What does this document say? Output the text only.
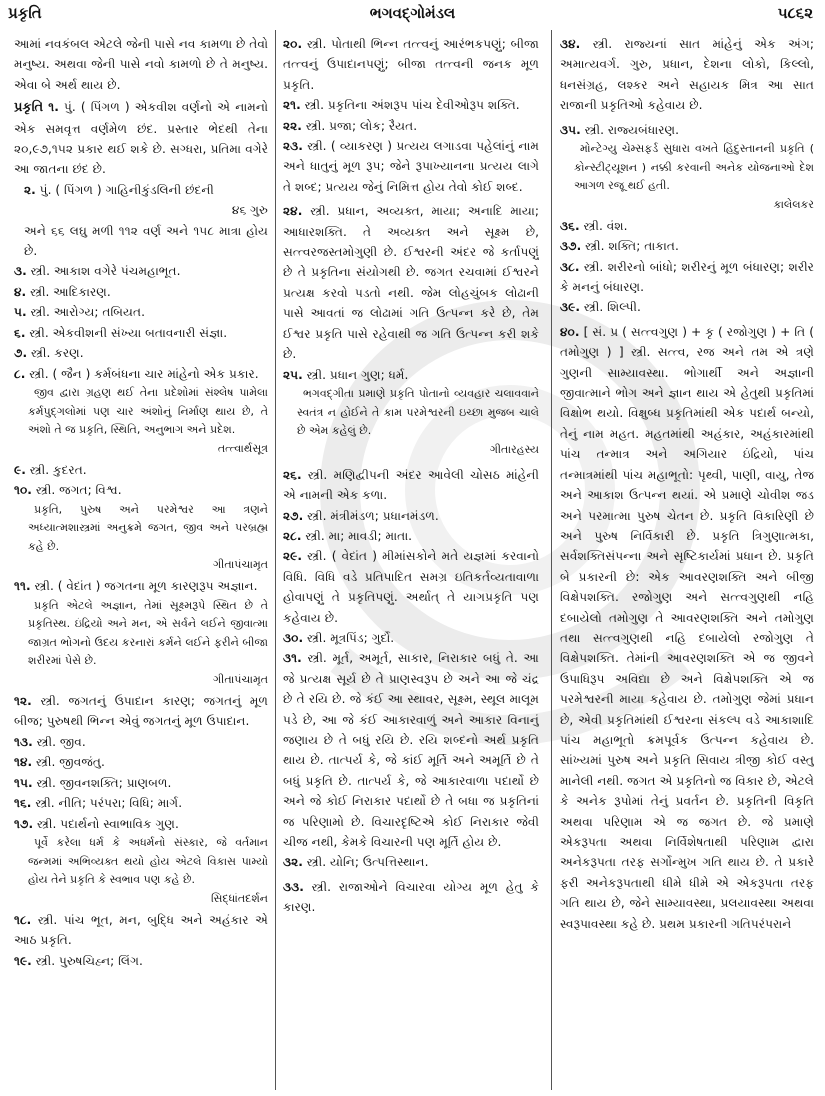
પ્રકૃતિ	ભગવદ્ગોમંડલ	૫૮૬૨

આમાં નવકંબલ એટલે જેની પાસે નવ કામળા છે તેવો મનુષ્ય. અથવા જેની પાસે નવો કામળો છે તે મનુષ્ય. એવા બે અર્થ થાય છે.

પ્રકૃતિ ૧. પું. ( પિંગળ ) એકવીશ વર્ણનો એ નામનો એક સમવૃત્ત વર્ણમેળ છંદ. પ્રસ્તાર ભેદથી તેના ૨૦,૯૭,૧૫૨ પ્રકાર થઈ શકે છે. સગ્ધરા, પ્રતિમા વગેરે આ જાતના છંદ છે.

૨. પું. ( પિંગળ ) ગાહિનીકુંડલિની છંદની
૪૬ ગુરુ
અને ૬૬ લઘુ મળી ૧૧૨ વર્ણ અને ૧૫૮ માત્રા હોય છે.

૩. સ્ત્રી. આકાશ વગેરે પંચમહાભૂત.

૪. સ્ત્રી. આદિકારણ.

૫. સ્ત્રી. આરોગ્ય; તબિયત.

૬. સ્ત્રી. એકવીશની સંખ્યા બતાવનારી સંજ્ઞા.

૭. સ્ત્રી. કરણ.

૮. સ્ત્રી. ( જૈન ) કર્મબંધના ચાર માંહેનો એક પ્રકાર.

જીવ દ્વારા ગ્રહણ થઈ તેના પ્રદેશોમાં સંશ્લેષ પામેલા કર્મપુદ્ગલોમાં પણ ચાર અંશોનું નિર્માણ થાય છે, તે અંશો તે જ પ્રકૃતિ, સ્થિતિ, અનુભાગ અને પ્રદેશ.

તત્ત્વાર્થસૂત્ર

૯. સ્ત્રી. કુદરત.

૧૦. સ્ત્રી. જગત; વિશ્વ.

પ્રકૃતિ, પુરુષ અને પરમેશ્વર આ ત્રણને અધ્યાત્મશાસ્ત્રમાં અનુક્રમે જગત, જીવ અને પરબ્રહ્મ કહે છે.

ગીતાપંચામૃત

૧૧. સ્ત્રી. ( વેદાંત ) જગતના મૂળ કારણરૂપ અજ્ઞાન.

પ્રકૃતિ એટલે અજ્ઞાન, તેમાં સૂક્ષ્મરૂપે સ્થિત છે તે પ્રકૃતિસ્થ. ઇંદ્રિયો અને મન, એ સર્વને લઈને જીવાત્મા જાગ્રત ભોગનો ઉદય કરનારાં કર્મને લઈને ફરીને બીજા શરીરમાં પેસે છે.

ગીતાપંચામૃત

૧૨. સ્ત્રી. જગતનું ઉપાદાન કારણ; જગતનું મૂળ બીજ; પુરુષથી ભિન્ન એવું જગતનું મૂળ ઉપાદાન.

૧૩. સ્ત્રી. જીવ.

૧૪. સ્ત્રી. જીવજંતુ.

૧૫. સ્ત્રી. જીવનશક્તિ; પ્રાણબળ.

૧૬. સ્ત્રી. નીતિ; પરંપરા; વિધિ; માર્ગ.

૧૭. સ્ત્રી. પદાર્થનો સ્વાભાવિક ગુણ.

પૂર્વે કરેલા ધર્મ કે અધર્મનો સંસ્કાર, જે વર્તમાન જન્મમાં અભિવ્યક્ત થયો હોય એટલે વિકાસ પામ્યો હોય તેને પ્રકૃતિ કે સ્વભાવ પણ કહે છે.

સિદ્ધાંતદર્શન

૧૮. સ્ત્રી. પાંચ ભૂત, મન, બુદ્ધિ અને અહંકાર એ આઠ પ્રકૃતિ.

૧૯. સ્ત્રી. પુરુષચિહ્ન; લિંગ.

૨૦. સ્ત્રી. પોતાથી ભિન્ન તત્ત્વનું આરંભકપણું; બીજા તત્ત્વનું ઉપાદાનપણું; બીજા તત્ત્વની જનક મૂળ પ્રકૃતિ.

૨૧. સ્ત્રી. પ્રકૃતિના અંશરૂપ પાંચ દેવીઓરૂપ શક્તિ.

૨૨. સ્ત્રી. પ્રજા; લોક; રૈયત.

૨૩. સ્ત્રી. ( વ્યાકરણ ) પ્રત્યય લગાડવા પહેલાંનું નામ અને ધાતુનું મૂળ રૂપ; જેને રૂપાખ્યાનના પ્રત્યય લાગે તે શબ્દ; પ્રત્યય જેનું નિમિત્ત હોય તેવો કોઈ શબ્દ.

૨૪. સ્ત્રી. પ્રધાન, અવ્યક્ત, માયા; અનાદિ માયા; આધારશક્તિ. તે અવ્યક્ત અને સૂક્ષ્મ છે, સત્ત્વરજસ્તમોગુણી છે. ઈશ્વરની અંદર જે કર્તાપણું છે તે પ્રકૃતિના સંયોગથી છે. જગત રચવામાં ઈશ્વરને પ્રત્યક્ષ કરવો પડતો નથી. જેમ લોહચુંબક લોઢાની પાસે આવતાં જ લોઢામાં ગતિ ઉત્પન્ન કરે છે, તેમ ઈશ્વર પ્રકૃતિ પાસે રહેવાથી જ ગતિ ઉત્પન્ન કરી શકે છે.

૨૫. સ્ત્રી. પ્રધાન ગુણ; ધર્મ.

ભગવદ્ગીતા પ્રમાણે પ્રકૃતિ પોતાનો વ્યવહાર ચલાવવાને સ્વતંત્ર ન હોઈને તે કામ પરમેશ્વરની ઇચ્છા મુજબ ચાલે છે એમ કહેલું છે.

ગીતારહસ્ય

૨૬. સ્ત્રી. મણિદ્વીપની અંદર આવેલી ચોસઠ માંહેની એ નામની એક કળા.

૨૭. સ્ત્રી. મંત્રીમંડળ; પ્રધાનમંડળ.

૨૮. સ્ત્રી. મા; માવડી; માતા.

૨૯. સ્ત્રી. ( વેદાંત ) મીમાંસકોને મતે યજ્ઞમાં કરવાનો વિધિ. વિધિ વડે પ્રતિપાદિત સમગ્ર ઇતિકર્તવ્યતાવાળા હોવાપણું તે પ્રકૃતિપણું. અર્થાત્ તે યાગપ્રકૃતિ પણ કહેવાય છે.

૩૦. સ્ત્રી. મૂત્રપિંડ; ગુર્દો.

૩૧. સ્ત્રી. મૂર્ત, અમૂર્ત, સાકાર, નિરાકાર બધું તે. આ જે પ્રત્યક્ષ સૂર્ય છે તે પ્રાણસ્વરૂપ છે અને આ જે ચંદ્ર છે તે રયિ છે. જે કંઈ આ સ્થાવર, સૂક્ષ્મ, સ્થૂલ માલૂમ પડે છે, આ જે કંઈ આકારવાળું અને આકાર વિનાનું જણાય છે તે બધું રયિ છે. રયિ શબ્દનો અર્થ પ્રકૃતિ થાય છે. તાત્પર્ય કે, જે કાંઈ મૂર્તિ અને અમૂર્તિ છે તે બધું પ્રકૃતિ છે. તાત્પર્ય કે, જે આકારવાળા પદાર્થો છે અને જે કોઈ નિરાકાર પદાર્થો છે તે બધા જ પ્રકૃતિનાં જ પરિણામો છે. વિચારદૃષ્ટિએ કોઈ નિરાકાર જેવી ચીજ નથી, કેમકે વિચારની પણ મૂર્તિ હોય છે.

૩૨. સ્ત્રી. યોનિ; ઉત્પત્તિસ્થાન.

૩૩. સ્ત્રી. રાજાઓને વિચારવા યોગ્ય મૂળ હેતુ કે કારણ.

૩૪. સ્ત્રી. રાજ્યનાં સાત માંહેનું એક અંગ; અમાત્યવર્ગ. ગુરુ, પ્રધાન, દેશના લોકો, કિલ્લો, ધનસંગ્રહ, લશ્કર અને સહાયક મિત્ર આ સાત રાજાની પ્રકૃતિઓ કહેવાય છે.

૩૫. સ્ત્રી. રાજ્યબંધારણ.

મોન્ટેગ્યુ ચેમ્સફર્ડ સુધારા વખતે હિંદુસ્તાનની પ્રકૃતિ ( કોન્સ્ટીટ્યૂશન ) નક્કી કરવાની અનેક યોજનાઓ દેશ આગળ રજૂ થઈ હતી.

કાલેલકર

૩૬. સ્ત્રી. વંશ.

૩૭. સ્ત્રી. શક્તિ; તાકાત.

૩૮. સ્ત્રી. શરીરનો બાંધો; શરીરનું મૂળ બંધારણ; શરીર કે મનનું બંધારણ.

૩૯. સ્ત્રી. શિલ્પી.

૪૦. [ સં. પ્ર ( સત્ત્વગુણ ) + કૃ ( રજોગુણ ) + તિ ( તમોગુણ ) ] સ્ત્રી. સત્ત્વ, રજ અને તમ એ ત્રણે ગુણની સામ્યાવસ્થા. ભોગાર્થી અને અજ્ઞાની જીવાત્માને ભોગ અને જ્ઞાન થાય એ હેતુથી પ્રકૃતિમાં વિક્ષોભ થયો. વિક્ષુબ્ધ પ્રકૃતિમાંથી એક પદાર્થ બન્યો, તેનું નામ મહત. મહતમાંથી અહંકાર, અહંકારમાંથી પાંચ તન્માત્ર અને અગિયાર ઇંદ્રિયો, પાંચ તન્માત્રમાંથી પાંચ મહાભૂતો: પૃથ્વી, પાણી, વાયુ, તેજ અને આકાશ ઉત્પન્ન થયાં. એ પ્રમાણે ચોવીશ જડ અને પરમાત્મા પુરુષ ચેતન છે. પ્રકૃતિ વિકારિણી છે અને પુરુષ નિર્વિકારી છે. પ્રકૃતિ ત્રિગુણાત્મકા, સર્વશક્તિસંપન્ના અને સૃષ્ટિકાર્યમાં પ્રધાન છે. પ્રકૃતિ બે પ્રકારની છે: એક આવરણશક્તિ અને બીજી વિક્ષેપશક્તિ. રજોગુણ અને સત્ત્વગુણથી નહિ દબાયેલો તમોગુણ તે આવરણશક્તિ અને તમોગુણ તથા સત્ત્વગુણથી નહિ દબાયેલો રજોગુણ તે વિક્ષેપશક્તિ. તેમાંની આવરણશક્તિ એ જ જીવને ઉપાધિરૂપ અવિદ્યા છે અને વિક્ષેપશક્તિ એ જ પરમેશ્વરની માયા કહેવાય છે. તમોગુણ જેમાં પ્રધાન છે, એવી પ્રકૃતિમાંથી ઈશ્વરના સંકલ્પ વડે આકાશાદિ પાંચ મહાભૂતો ક્રમપૂર્વક ઉત્પન્ન કહેવાય છે. સાંખ્યમાં પુરુષ અને પ્રકૃતિ સિવાય ત્રીજી કોઈ વસ્તુ માનેલી નથી. જગત એ પ્રકૃતિનો જ વિકાર છે, એટલે કે અનેક રૂપોમાં તેનું પ્રવર્તન છે. પ્રકૃતિની વિકૃતિ અથવા પરિણામ એ જ જગત છે. જે પ્રમાણે એકરૂપતા અથવા નિર્વિશેષતાથી પરિણામ દ્વારા અનેકરૂપતા તરફ સર્ગોન્મુખ ગતિ થાય છે. તે પ્રકારે ફરી અનેકરૂપતાથી ધીમે ધીમે એ એકરૂપતા તરફ ગતિ થાય છે, જેને સામ્યાવસ્થા, પ્રલયાવસ્થા અથવા સ્વરૂપાવસ્થા કહે છે. પ્રથમ પ્રકારની ગતિપરંપરાને
